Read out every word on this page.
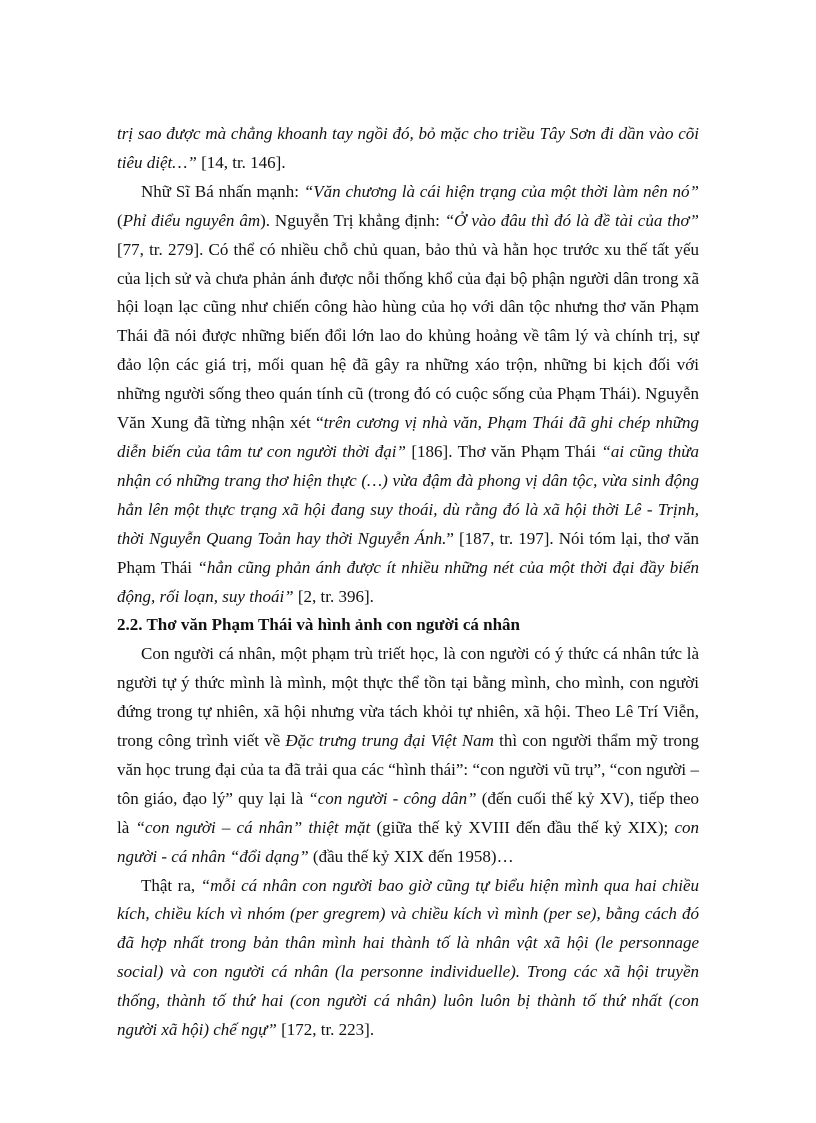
trị sao được mà chẳng khoanh tay ngồi đó, bỏ mặc cho triều Tây Sơn đi dần vào cõi tiêu diệt…” [14, tr. 146].

Nhữ Sĩ Bá nhấn mạnh: “Văn chương là cái hiện trạng của một thời làm nên nó” (Phỉ điểu nguyên âm). Nguyễn Trị khẳng định: “Ở vào đâu thì đó là đề tài của thơ” [77, tr. 279]. Có thể có nhiều chỗ chủ quan, bảo thủ và hằn học trước xu thế tất yếu của lịch sử và chưa phản ánh được nỗi thống khổ của đại bộ phận người dân trong xã hội loạn lạc cũng như chiến công hào hùng của họ với dân tộc nhưng thơ văn Phạm Thái đã nói được những biến đổi lớn lao do khủng hoảng về tâm lý và chính trị, sự đảo lộn các giá trị, mối quan hệ đã gây ra những xáo trộn, những bi kịch đối với những người sống theo quán tính cũ (trong đó có cuộc sống của Phạm Thái). Nguyễn Văn Xung đã từng nhận xét “trên cương vị nhà văn, Phạm Thái đã ghi chép những diễn biến của tâm tư con người thời đại” [186]. Thơ văn Phạm Thái “ai cũng thừa nhận có những trang thơ hiện thực (…) vừa đậm đà phong vị dân tộc, vừa sinh động hẳn lên một thực trạng xã hội đang suy thoái, dù rằng đó là xã hội thời Lê - Trịnh, thời Nguyễn Quang Toản hay thời Nguyễn Ánh.” [187, tr. 197]. Nói tóm lại, thơ văn Phạm Thái “hẳn cũng phản ánh được ít nhiều những nét của một thời đại đầy biến động, rối loạn, suy thoái” [2, tr. 396].

2.2. Thơ văn Phạm Thái và hình ảnh con người cá nhân

Con người cá nhân, một phạm trù triết học, là con người có ý thức cá nhân tức là người tự ý thức mình là mình, một thực thể tồn tại bằng mình, cho mình, con người đứng trong tự nhiên, xã hội nhưng vừa tách khỏi tự nhiên, xã hội. Theo Lê Trí Viễn, trong công trình viết về Đặc trưng trung đại Việt Nam thì con người thẩm mỹ trong văn học trung đại của ta đã trải qua các “hình thái”: “con người vũ trụ”, “con người – tôn giáo, đạo lý” quy lại là “con người - công dân” (đến cuối thế kỷ XV), tiếp theo là “con người – cá nhân” thiệt mặt (giữa thế kỷ XVIII đến đầu thế kỷ XIX); con người - cá nhân “đổi dạng” (đầu thế kỷ XIX đến 1958)…

Thật ra, “mỗi cá nhân con người bao giờ cũng tự biểu hiện mình qua hai chiều kích, chiều kích vì nhóm (per gregrem) và chiều kích vì mình (per se), bằng cách đó đã hợp nhất trong bản thân mình hai thành tố là nhân vật xã hội (le personnage social) và con người cá nhân (la personne individuelle). Trong các xã hội truyền thống, thành tố thứ hai (con người cá nhân) luôn luôn bị thành tố thứ nhất (con người xã hội) chế ngự” [172, tr. 223].
